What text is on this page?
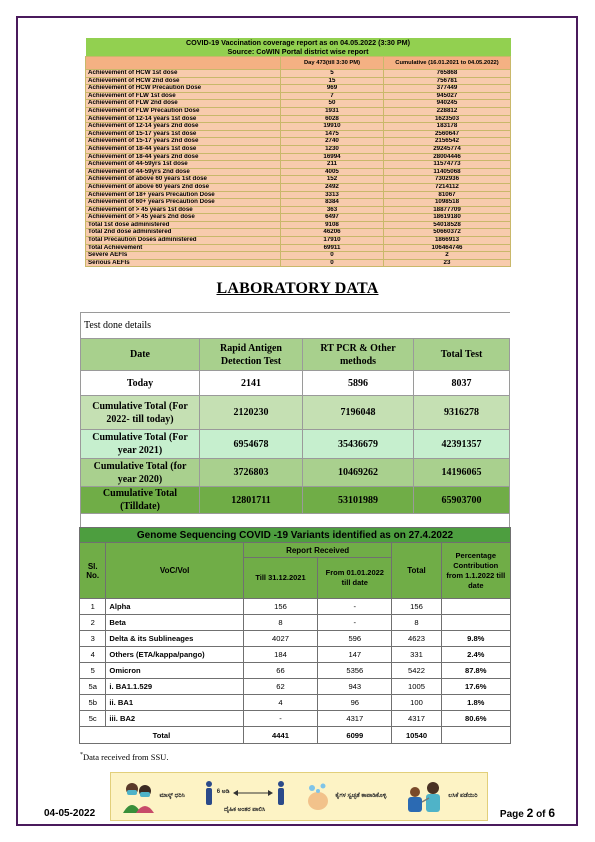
COVID-19 Vaccination coverage report as on 04.05.2022 (3:30 PM)		
Source: CoWIN Portal district wise report		
	Day 473(till 3:30 PM)	Cumulative (16.01.2021 to 04.05.2022)
Achievement of HCW 1st dose	5	765868
Achievement of HCW 2nd dose	15	756781
Achievement of HCW Precaution Dose	969	377449
Achievement of FLW 1st dose	7	945027
Achievement of FLW 2nd dose	50	940245
Achievement of FLW Precaution Dose	1931	228812
Achievement of 12-14 years 1st dose	6028	1623503
Achievement of 12-14 years 2nd dose	19910	183178
Achievement of 15-17 years 1st dose	1475	2560647
Achievement of 15-17 years 2nd dose	2740	2156542
Achievement of 18-44 years 1st dose	1230	29245774
Achievement of 18-44 years 2nd dose	16994	28004446
Achievement of 44-59yrs 1st dose	211	11574773
Achievement of 44-59yrs 2nd dose	4005	11405068
Achievement of above 60 years 1st dose	152	7302936
Achievement of above 60 years 2nd dose	2492	7214112
Achievement of 18+ years Precaution Dose	3313	81067
Achievement of 60+ years Precaution Dose	8384	1098518
Achievement of > 45 years 1st dose	363	18877709
Achievement of > 45 years 2nd dose	6497	18619180
Total 1st dose administered	9108	54018528
Total 2nd dose administered	46206	50660372
Total Precaution Doses administered	17910	1866913
Total Achievement	69911	106464746
Severe AEFIs	0	2
Serious AEFIs	0	23
LABORATORY DATA
Test done details			
Date	Rapid Antigen Detection Test	RT PCR & Other methods	Total Test
Today	2141	5896	8037
Cumulative Total (For 2022- till today)	2120230	7196048	9316278
Cumulative Total (For year 2021)	6954678	35436679	42391357
Cumulative Total (for year 2020)	3726803	10469262	14196065
Cumulative Total (Tilldate)	12801711	53101989	65903700

Genome Sequencing COVID -19 Variants identified as on 27.4.2022					
Sl. No.	VoC/VoI	Report Received		Total	Percentage Contribution from 1.1.2022 till date
		Till 31.12.2021	From 01.01.2022 till date		
1	Alpha	156	-	156	
2	Beta	8	-	8	
3	Delta & its Sublineages	4027	596	4623	9.8%
4	Others (ETA/kappa/pango)	184	147	331	2.4%
5	Omicron	66	5356	5422	87.8%
5a	i. BA1.1.529	62	943	1005	17.6%
5b	ii. BA1	4	96	100	1.8%
5c	iii. BA2	-	4317	4317	80.6%
Total		4441	6099	10540	
*Data received from SSU.
ಮಾಸ್ಕ್ ಧರಿಸಿ
6 ಅಡಿ
ದೈಹಿಕ ಅಂತರ ಪಾಲಿಸಿ
ಕೈಗಳ ಸ್ವಚ್ಛತೆ ಕಾಪಾಡಿಕೊಳ್ಳಿ	ಲಸಿಕೆ ಪಡೆಯಿರಿ
04-05-2022	Page 2 of 6
